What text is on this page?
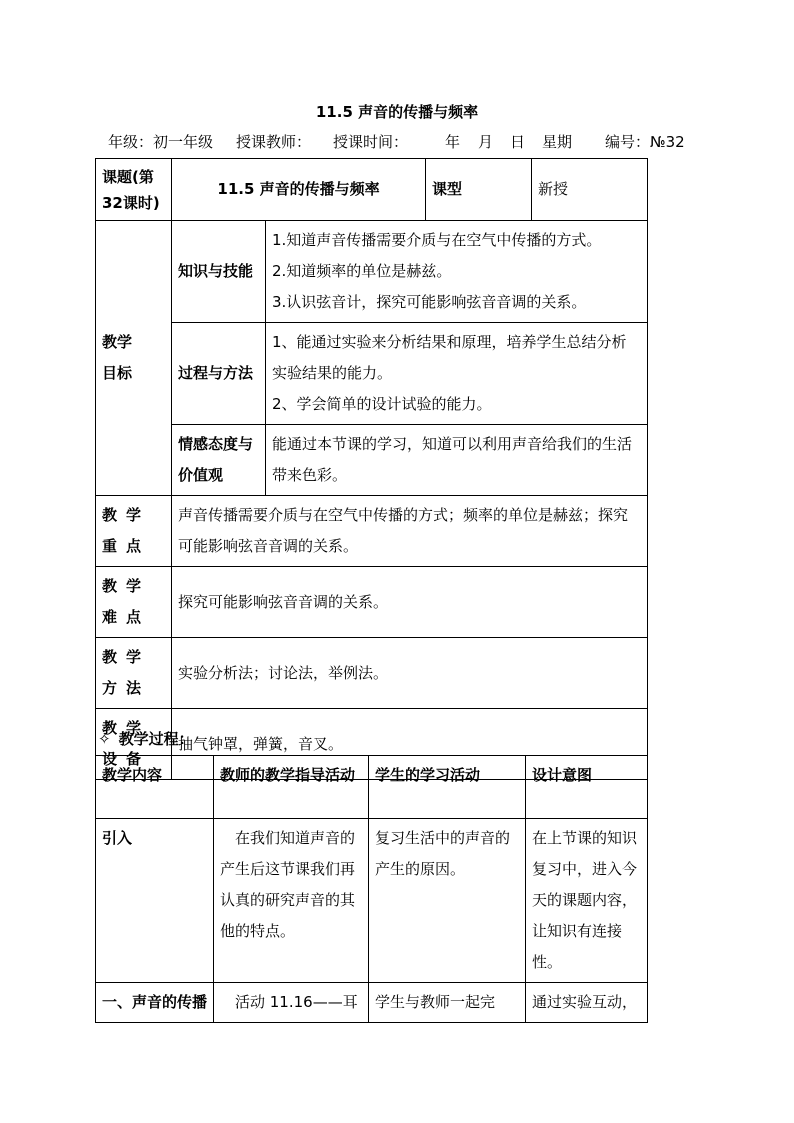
11.5 声音的传播与频率
年级：初一年级 授课教师： 授课时间： 年 月 日 星期 编号：№32
课题(第32课时)	11.5 声音的传播与频率		课型	新授

教学目标	知识与技能	1.知道声音传播需要介质与在空气中传播的方式。
2.知道频率的单位是赫兹。
3.认识弦音计，探究可能影响弦音音调的关系。		

	过程与方法	1、能通过实验来分析结果和原理，培养学生总结分析实验结果的能力。
2、学会简单的设计试验的能力。		

	情感态度与价值观	能通过本节课的学习，知道可以利用声音给我们的生活带来色彩。		

教学重点	声音传播需要介质与在空气中传播的方式；频率的单位是赫兹；探究可能影响弦音音调的关系。			
教学难点	探究可能影响弦音音调的关系。			
教学方法	实验分析法；讨论法，举例法。			
教学设备	抽气钟罩，弹簧，音叉。			
✧ 教学过程：
教学内容	教师的教学指导活动	学生的学习活动	设计意图
引入	在我们知道声音的产生后这节课我们再认真的研究声音的其他的特点。	复习生活中的声音的产生的原因。	在上节课的知识复习中，进入今天的课题内容，让知识有连接性。
一、声音的传播	活动 11.16——耳	学生与教师一起完	通过实验互动，
